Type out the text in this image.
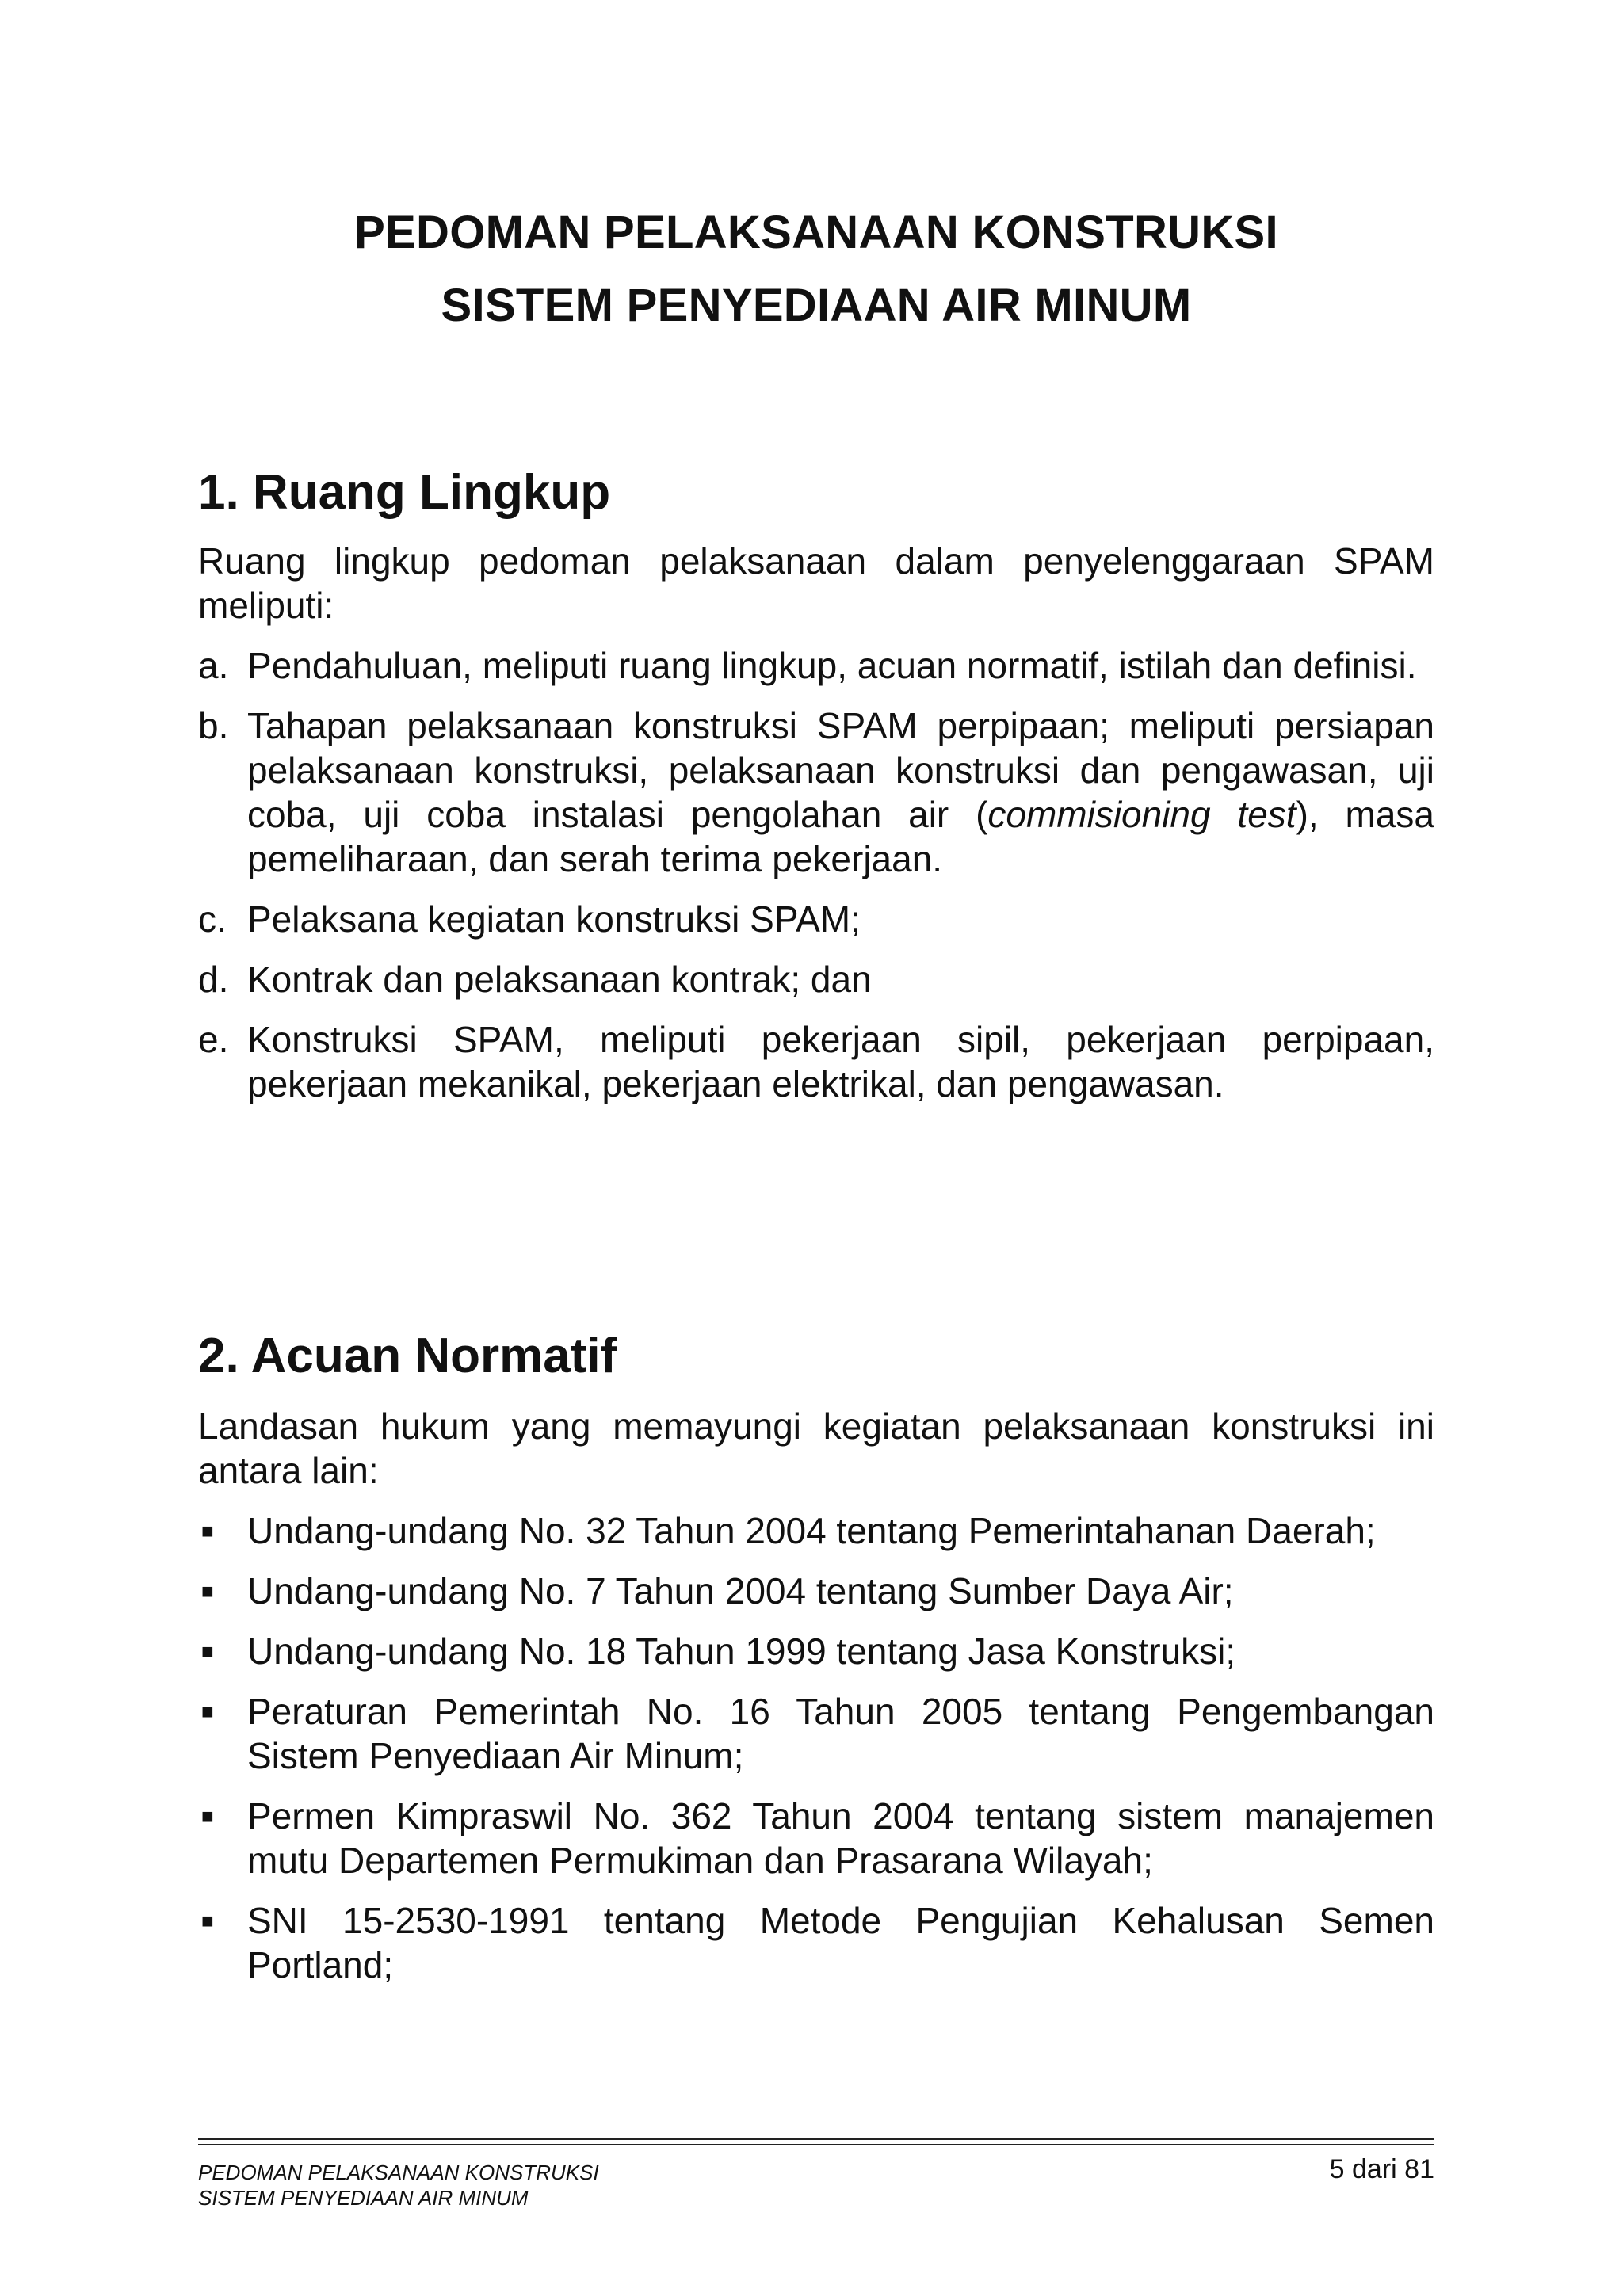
PEDOMAN PELAKSANAAN KONSTRUKSI
SISTEM PENYEDIAAN AIR MINUM
1. Ruang Lingkup
Ruang lingkup pedoman pelaksanaan dalam penyelenggaraan SPAM meliputi:
a. Pendahuluan, meliputi ruang lingkup, acuan normatif, istilah dan definisi.
b. Tahapan pelaksanaan konstruksi SPAM perpipaan; meliputi persiapan pelaksanaan konstruksi, pelaksanaan konstruksi dan pengawasan, uji coba, uji coba instalasi pengolahan air (commisioning test), masa pemeliharaan, dan serah terima pekerjaan.
c. Pelaksana kegiatan konstruksi SPAM;
d. Kontrak dan pelaksanaan kontrak; dan
e. Konstruksi SPAM, meliputi pekerjaan sipil, pekerjaan perpipaan, pekerjaan mekanikal, pekerjaan elektrikal, dan pengawasan.
2. Acuan Normatif
Landasan hukum yang memayungi kegiatan pelaksanaan konstruksi ini antara lain:
■ Undang-undang No. 32 Tahun 2004 tentang Pemerintahanan Daerah;
■ Undang-undang No. 7 Tahun 2004 tentang Sumber Daya Air;
■ Undang-undang No. 18 Tahun 1999 tentang Jasa Konstruksi;
■ Peraturan Pemerintah No. 16 Tahun 2005 tentang Pengembangan Sistem Penyediaan Air Minum;
■ Permen Kimpraswil No. 362 Tahun 2004 tentang sistem manajemen mutu Departemen Permukiman dan Prasarana Wilayah;
■ SNI 15-2530-1991 tentang Metode Pengujian Kehalusan Semen Portland;
PEDOMAN PELAKSANAAN KONSTRUKSI
SISTEM PENYEDIAAN AIR MINUM
5 dari 81
